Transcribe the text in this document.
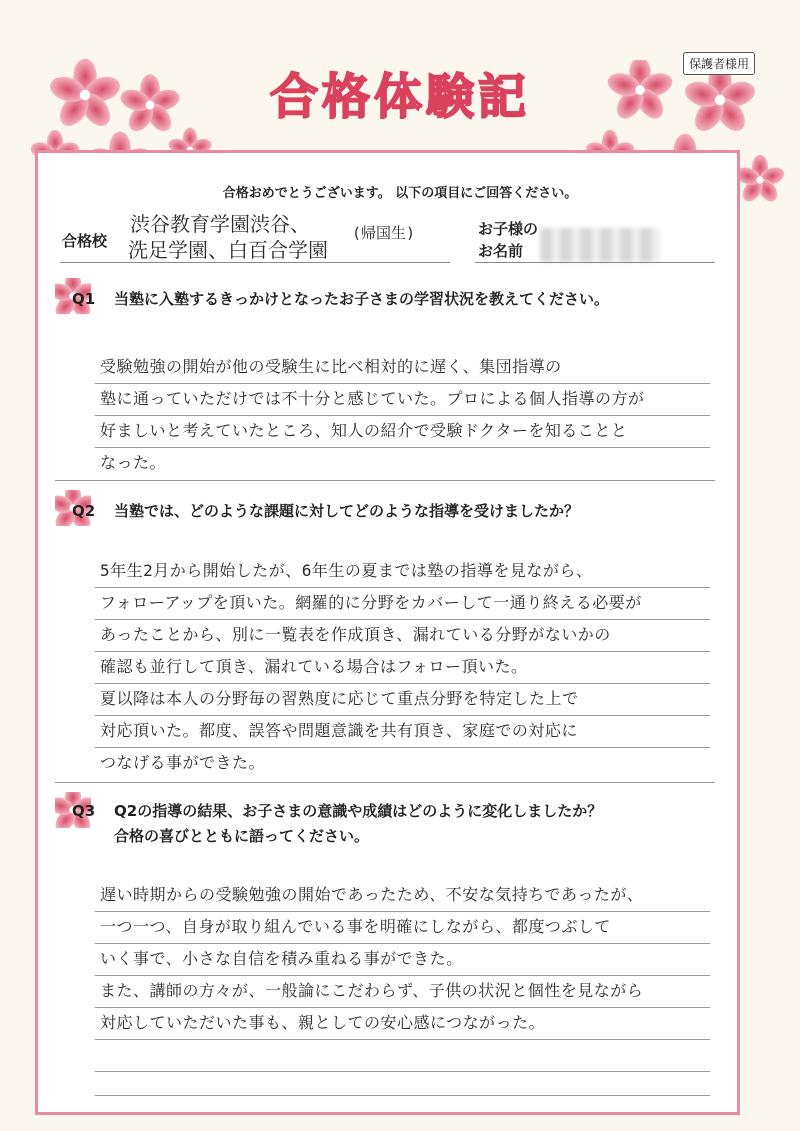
保護者様用
合格体験記
合格おめでとうございます。 以下の項目にご回答ください。
合格校
渋谷教育学園渋谷、
洗足学園、白百合学園
(帰国生)	お子様の
お名前
Q1 当塾に入塾するきっかけとなったお子さまの学習状況を教えてください。
受験勉強の開始が他の受験生に比べ相対的に遅く、集団指導の
塾に通っていただけでは不十分と感じていた。プロによる個人指導の方が
好ましいと考えていたところ、知人の紹介で受験ドクターを知ることと
なった。
Q2 当塾では、どのような課題に対してどのような指導を受けましたか？
5年生2月から開始したが、6年生の夏までは塾の指導を見ながら、
フォローアップを頂いた。網羅的に分野をカバーして一通り終える必要が
あったことから、別に一覧表を作成頂き、漏れている分野がないかの
確認も並行して頂き、漏れている場合はフォロー頂いた。
夏以降は本人の分野毎の習熟度に応じて重点分野を特定した上で
対応頂いた。都度、誤答や問題意識を共有頂き、家庭での対応に
つなげる事ができた。
Q3 Q2の指導の結果、お子さまの意識や成績はどのように変化しましたか？
合格の喜びとともに語ってください。
遅い時期からの受験勉強の開始であったため、不安な気持ちであったが、
一つ一つ、自身が取り組んでいる事を明確にしながら、都度つぶして
いく事で、小さな自信を積み重ねる事ができた。
また、講師の方々が、一般論にこだわらず、子供の状況と個性を見ながら
対応していただいた事も、親としての安心感につながった。
